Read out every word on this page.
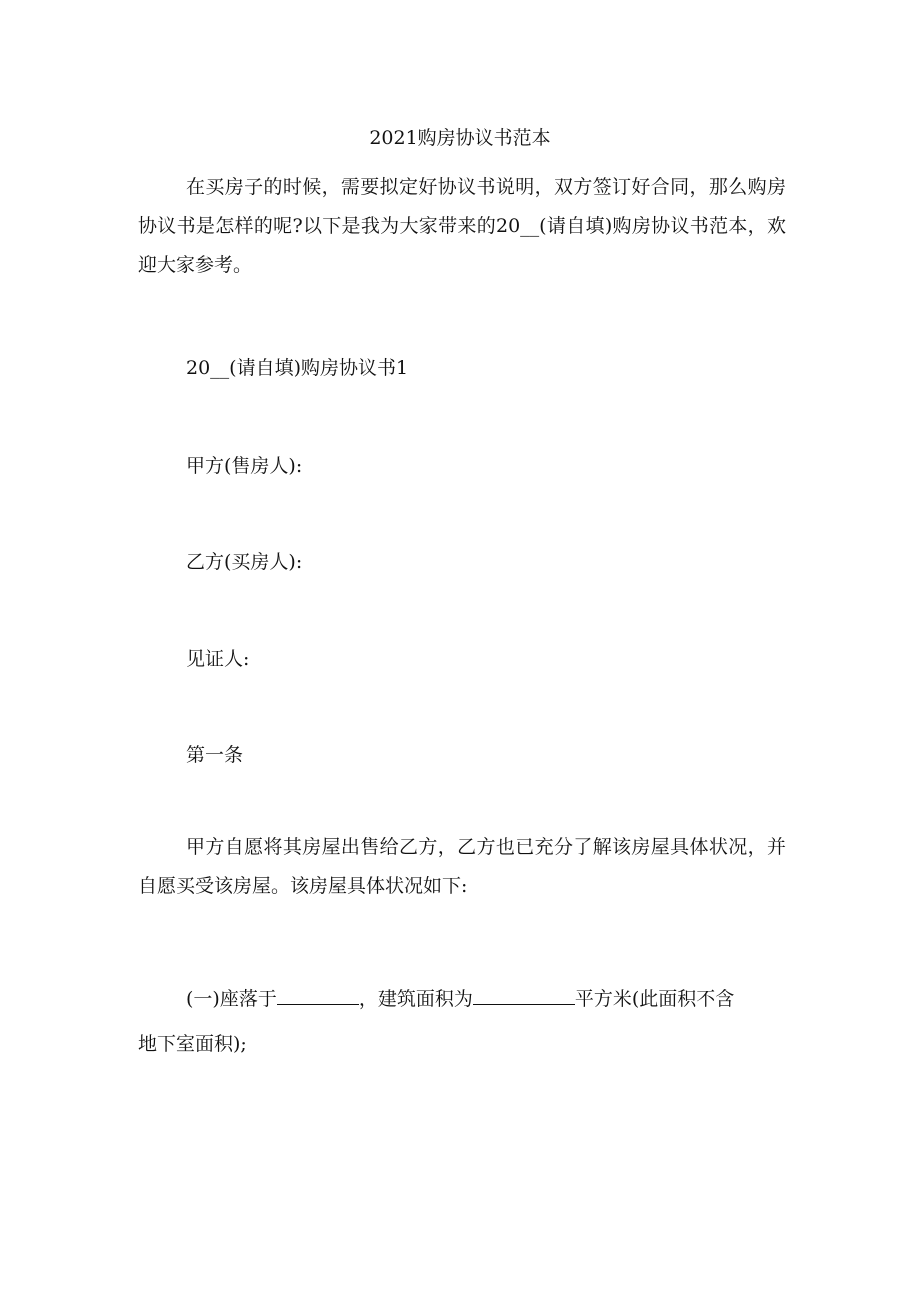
2021购房协议书范本

在买房子的时候，需要拟定好协议书说明，双方签订好合同，那么购房协议书是怎样的呢?以下是我为大家带来的20__(请自填)购房协议书范本，欢迎大家参考。

20__(请自填)购房协议书1
甲方(售房人):
乙方(买房人):
见证人:
第一条

甲方自愿将其房屋出售给乙方，乙方也已充分了解该房屋具体状况，并自愿买受该房屋。该房屋具体状况如下:

(一)座落于	，建筑面积为	平方米(此面积不含
地下室面积);
